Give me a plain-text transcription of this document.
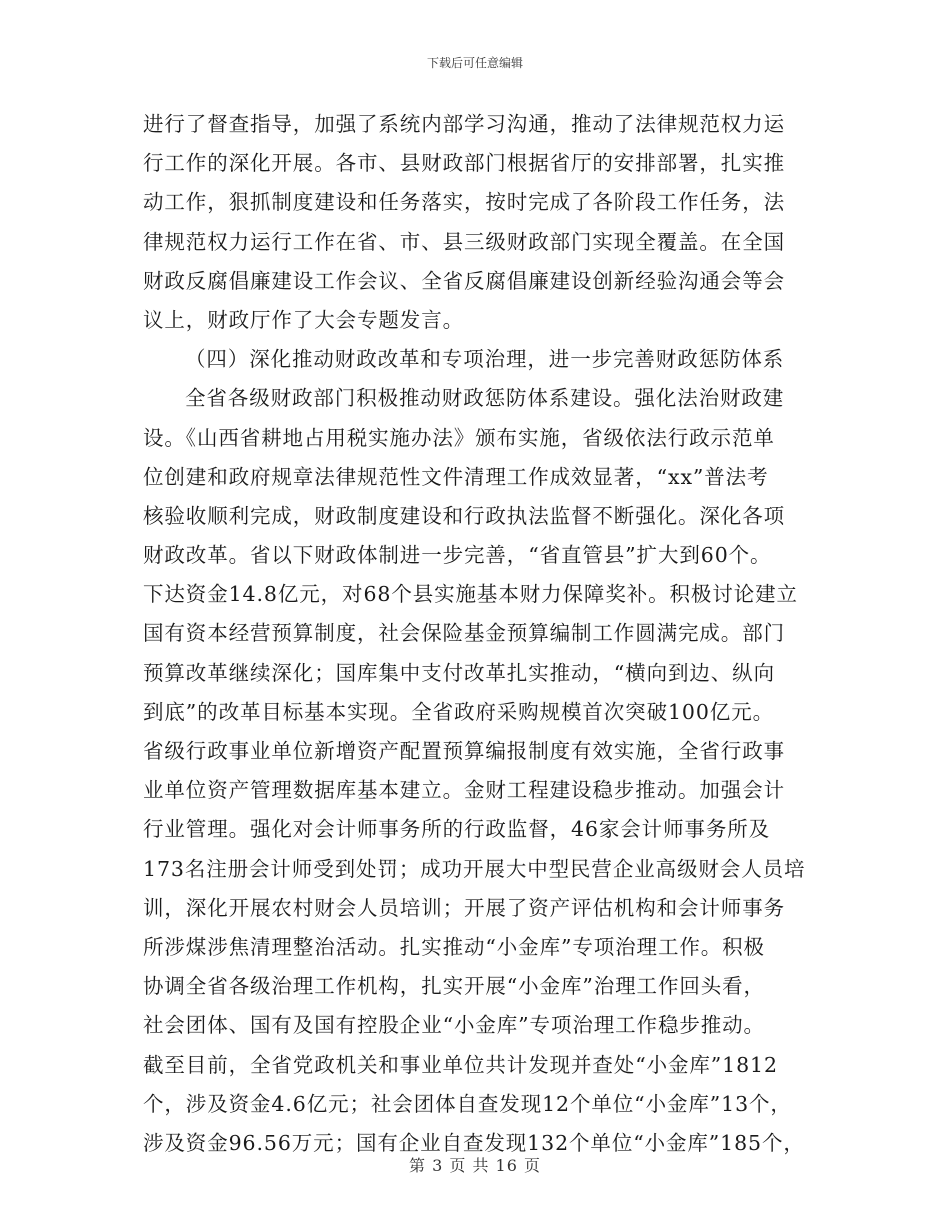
下载后可任意编辑
进行了督查指导，加强了系统内部学习沟通，推动了法律规范权力运
行工作的深化开展。各市、县财政部门根据省厅的安排部署，扎实推
动工作，狠抓制度建设和任务落实，按时完成了各阶段工作任务，法
律规范权力运行工作在省、市、县三级财政部门实现全覆盖。在全国
财政反腐倡廉建设工作会议、全省反腐倡廉建设创新经验沟通会等会
议上，财政厅作了大会专题发言。
（四）深化推动财政改革和专项治理，进一步完善财政惩防体系
全省各级财政部门积极推动财政惩防体系建设。强化法治财政建
设。《山西省耕地占用税实施办法》颁布实施，省级依法行政示范单
位创建和政府规章法律规范性文件清理工作成效显著，“xx”普法考
核验收顺利完成，财政制度建设和行政执法监督不断强化。深化各项
财政改革。省以下财政体制进一步完善，“省直管县”扩大到60个。
下达资金14.8亿元，对68个县实施基本财力保障奖补。积极讨论建立
国有资本经营预算制度，社会保险基金预算编制工作圆满完成。部门
预算改革继续深化；国库集中支付改革扎实推动，“横向到边、纵向
到底”的改革目标基本实现。全省政府采购规模首次突破100亿元。
省级行政事业单位新增资产配置预算编报制度有效实施，全省行政事
业单位资产管理数据库基本建立。金财工程建设稳步推动。加强会计
行业管理。强化对会计师事务所的行政监督，46家会计师事务所及
173名注册会计师受到处罚；成功开展大中型民营企业高级财会人员培
训，深化开展农村财会人员培训；开展了资产评估机构和会计师事务
所涉煤涉焦清理整治活动。扎实推动“小金库”专项治理工作。积极
协调全省各级治理工作机构，扎实开展“小金库”治理工作回头看，
社会团体、国有及国有控股企业“小金库”专项治理工作稳步推动。
截至目前，全省党政机关和事业单位共计发现并查处“小金库”1812
个，涉及资金4.6亿元；社会团体自查发现12个单位“小金库”13个，
涉及资金96.56万元；国有企业自查发现132个单位“小金库”185个，
第 3 页 共 16 页
